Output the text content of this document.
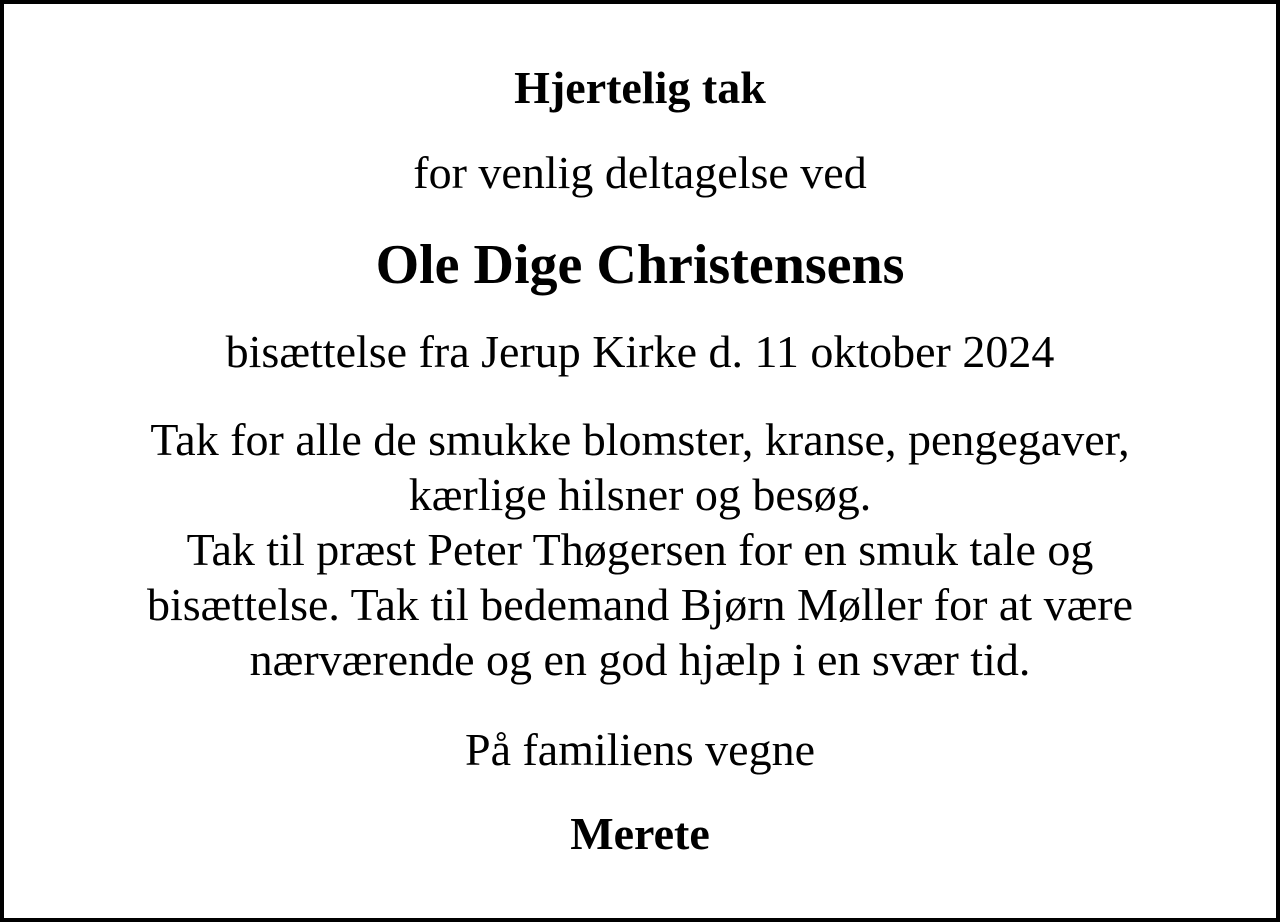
Hjertelig tak
for venlig deltagelse ved
Ole Dige Christensens
bisættelse fra Jerup Kirke d. 11 oktober 2024
Tak for alle de smukke blomster, kranse, pengegaver,
kærlige hilsner og besøg.
Tak til præst Peter Thøgersen for en smuk tale og
bisættelse. Tak til bedemand Bjørn Møller for at være
nærværende og en god hjælp i en svær tid.
På familiens vegne
Merete
